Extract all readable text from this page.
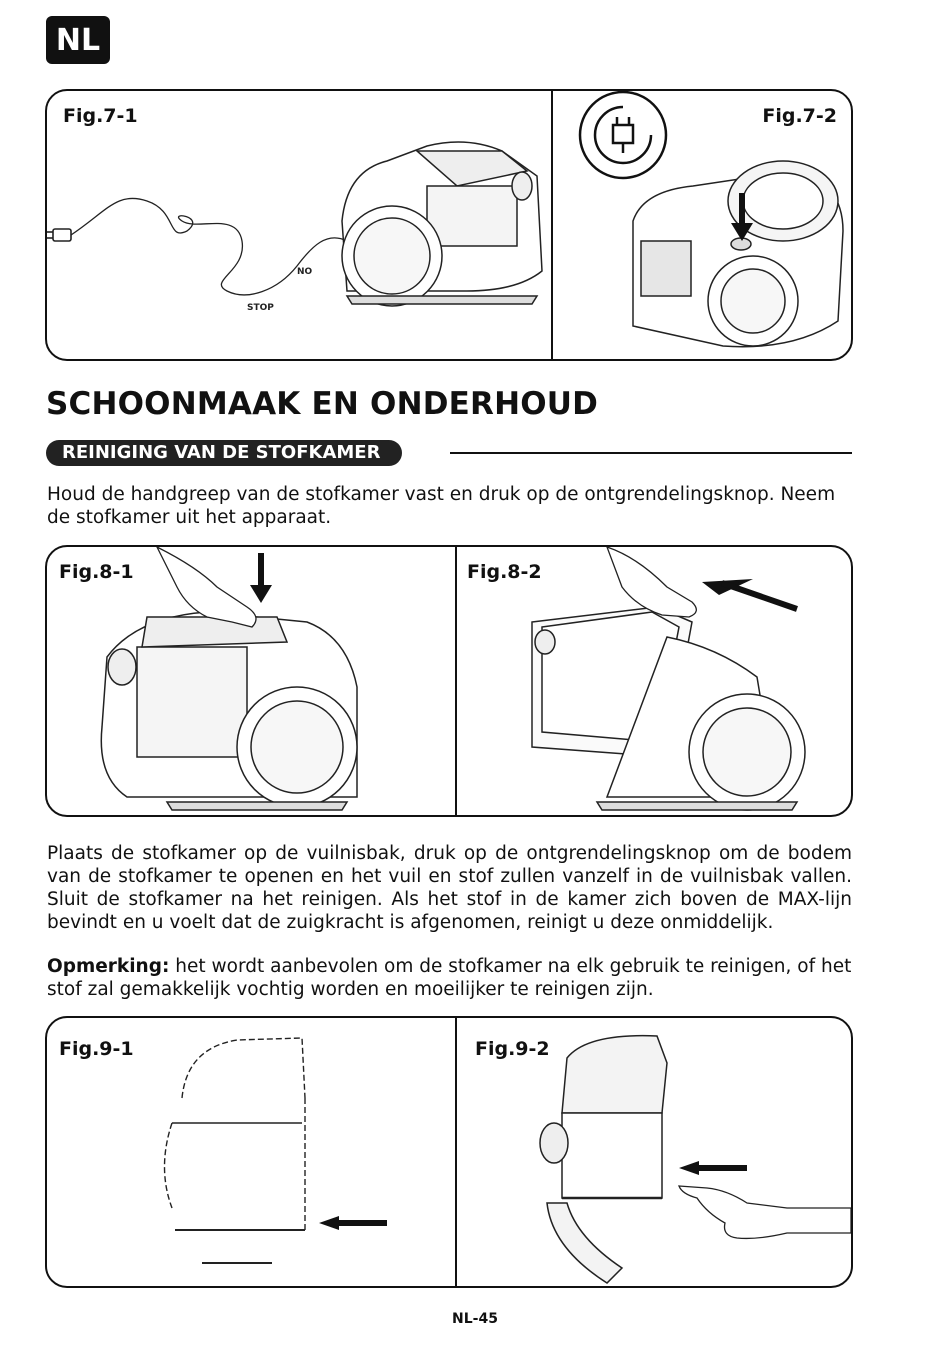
NL
Fig.7-1	Fig.7-2
NO
STOP
SCHOONMAAK EN ONDERHOUD
REINIGING VAN DE STOFKAMER

Houd de handgreep van de stofkamer vast en druk op de ontgrendelingsknop. Neem de stofkamer uit het apparaat.

Fig.8-1	Fig.8-2

Plaats de stofkamer op de vuilnisbak, druk op de ontgrendelingsknop om de bodem van de stofkamer te openen en het vuil en stof zullen vanzelf in de vuilnisbak vallen. Sluit de stofkamer na het reinigen. Als het stof in de kamer zich boven de MAX-lijn bevindt en u voelt dat de zuigkracht is afgenomen, reinigt u deze onmiddelijk.

Opmerking: het wordt aanbevolen om de stofkamer na elk gebruik te reinigen, of het stof zal gemakkelijk vochtig worden en moeilijker te reinigen zijn.

Fig.9-1	Fig.9-2
NL-45
